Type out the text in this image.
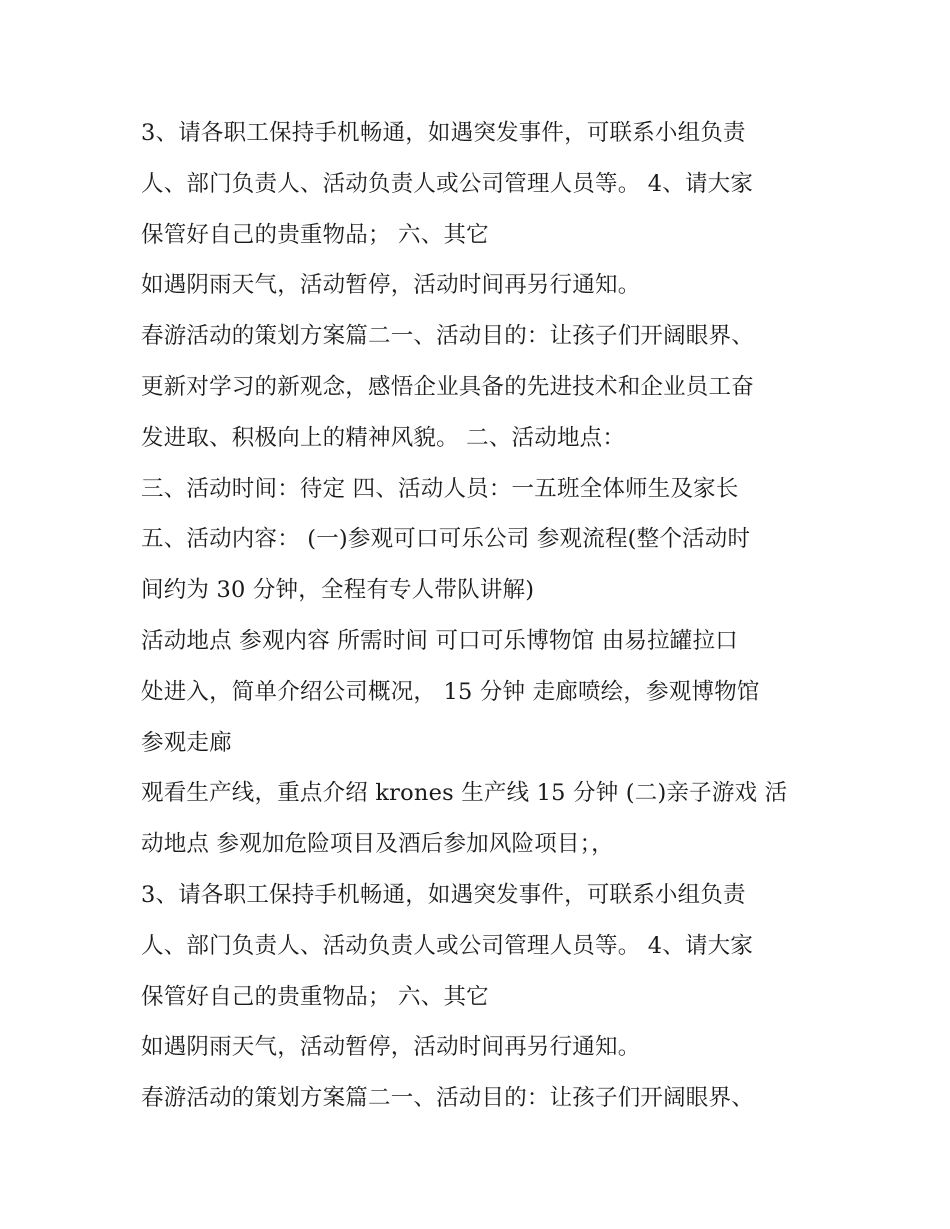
3、请各职工保持手机畅通，如遇突发事件，可联系小组负责
人、部门负责人、活动负责人或公司管理人员等。 4、请大家
保管好自己的贵重物品； 六、其它
如遇阴雨天气，活动暂停，活动时间再另行通知。
春游活动的策划方案篇二一、活动目的：让孩子们开阔眼界、
更新对学习的新观念，感悟企业具备的先进技术和企业员工奋
发进取、积极向上的精神风貌。 二、活动地点：
三、活动时间：待定 四、活动人员：一五班全体师生及家长
五、活动内容： (一)参观可口可乐公司 参观流程(整个活动时
间约为 30 分钟，全程有专人带队讲解)
活动地点 参观内容 所需时间 可口可乐博物馆 由易拉罐拉口
处进入，简单介绍公司概况， 15 分钟 走廊喷绘，参观博物馆
参观走廊
观看生产线，重点介绍 krones 生产线 15 分钟 (二)亲子游戏 活
动地点 参观加危险项目及酒后参加风险项目；，
3、请各职工保持手机畅通，如遇突发事件，可联系小组负责
人、部门负责人、活动负责人或公司管理人员等。 4、请大家
保管好自己的贵重物品； 六、其它
如遇阴雨天气，活动暂停，活动时间再另行通知。
春游活动的策划方案篇二一、活动目的：让孩子们开阔眼界、
